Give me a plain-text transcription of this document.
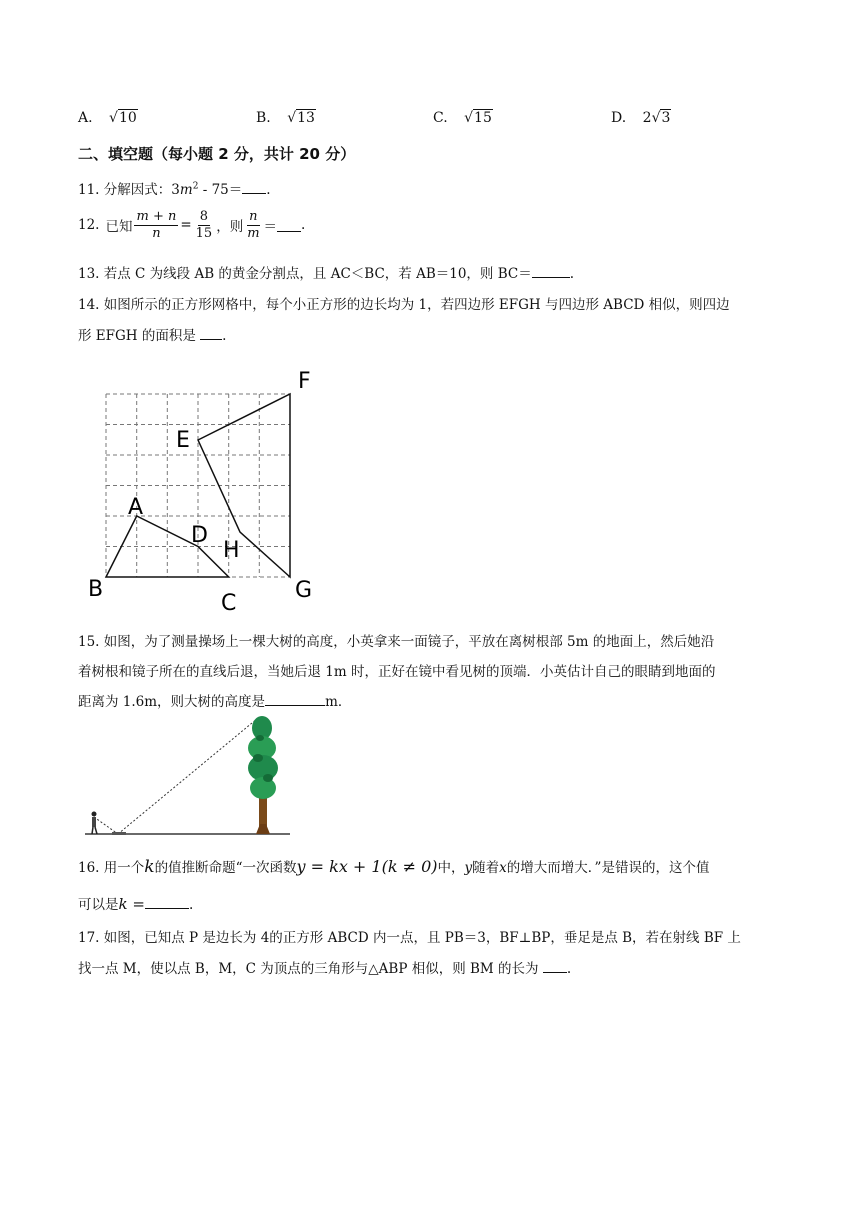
A. √10	B. √13	C. √15	D. 2√3
二、填空题（每小题 2 分，共计 20 分）
11. 分解因式：$3m^2 - 75=$ .
12. 已知 $\frac{m + n}{n} = \frac{8}{15}$ ，则 $\frac{n}{m}$ ＝ .
13. 若点 C 为线段 AB 的黄金分割点，且 AC＜BC，若 AB＝10，则 BC＝	.
14. 如图所示的正方形网格中，每个小正方形的边长均为 1，若四边形 EFGH 与四边形 ABCD 相似，则四边
形 EFGH 的面积是 .
A
B
C
D
E
F
G
H
15. 如图，为了测量操场上一棵大树的高度，小英拿来一面镜子，平放在离树根部 5m 的地面上，然后她沿
着树根和镜子所在的直线后退，当她后退 1m 时，正好在镜中看见树的顶端．小英估计自己的眼睛到地面的
距离为 1.6m，则大树的高度是	m．
16. 用一个k的值推断命题“一次函数y = kx + 1(k ≠ 0)中，y随着x的增大而增大．”是错误的，这个值
可以是k =	.
17. 如图，已知点 P 是边长为 4的正方形 ABCD 内一点，且 PB＝3，BF⊥BP，垂足是点 B，若在射线 BF 上
找一点 M，使以点 B，M，C 为顶点的三角形与△ABP 相似，则 BM 的长为 .
